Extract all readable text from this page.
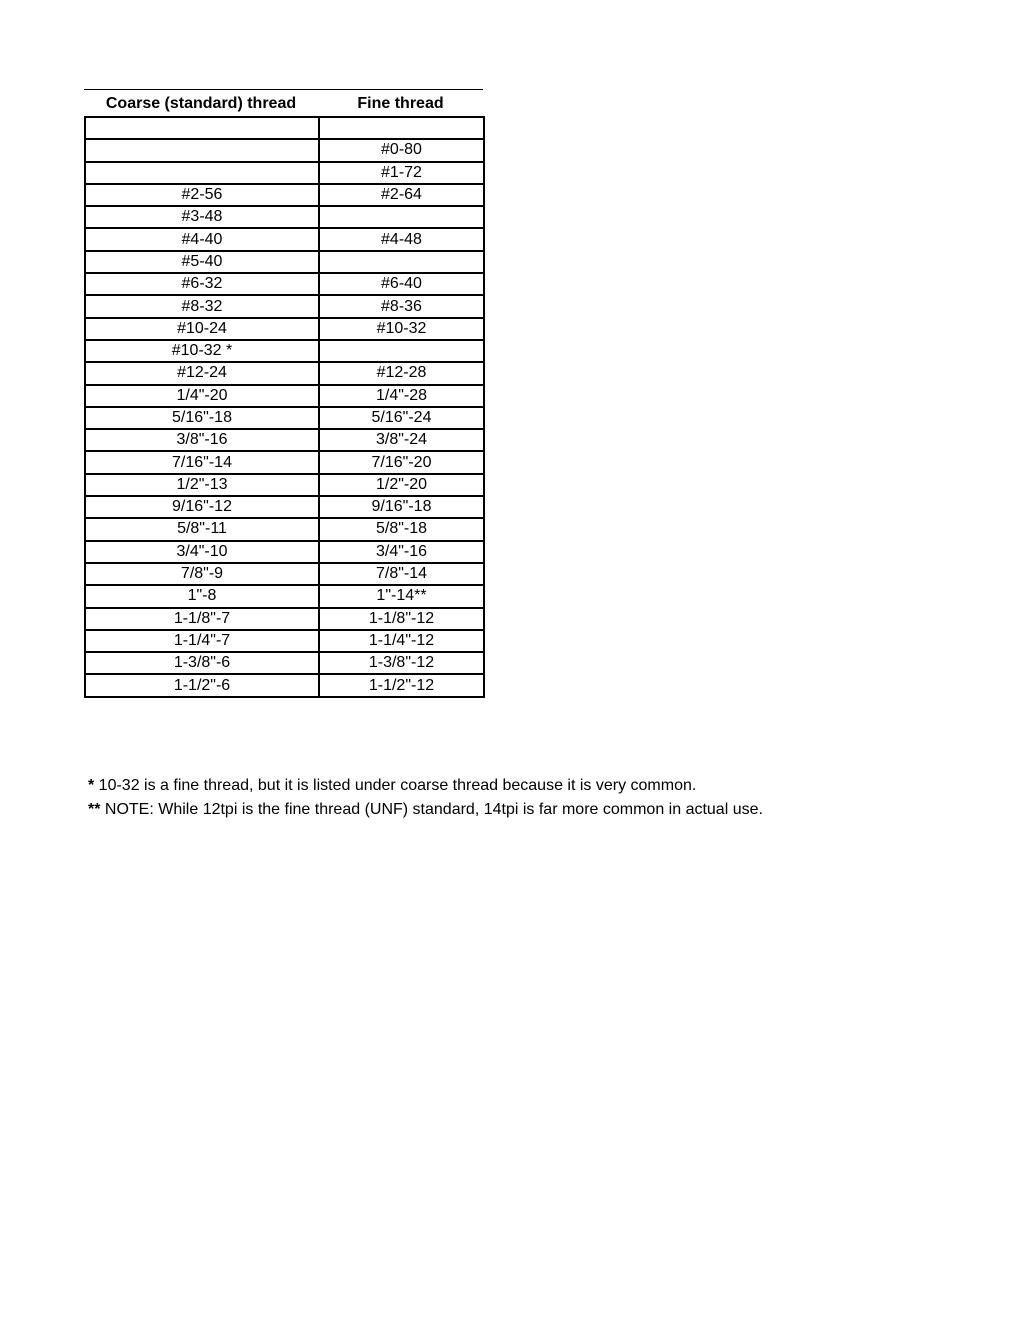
Coarse (standard) thread	Fine thread

	#0-80
	#1-72
#2-56	#2-64
#3-48	
#4-40	#4-48
#5-40	
#6-32	#6-40
#8-32	#8-36
#10-24	#10-32
#10-32 *	
#12-24	#12-28
1/4"-20	1/4"-28
5/16"-18	5/16"-24
3/8"-16	3/8"-24
7/16"-14	7/16"-20
1/2"-13	1/2"-20
9/16"-12	9/16"-18
5/8"-11	5/8"-18
3/4"-10	3/4"-16
7/8"-9	7/8"-14
1"-8	1"-14**
1-1/8"-7	1-1/8"-12
1-1/4"-7	1-1/4"-12
1-3/8"-6	1-3/8"-12
1-1/2"-6	1-1/2"-12
* 10-32 is a fine thread, but it is listed under coarse thread because it is very common.
** NOTE: While 12tpi is the fine thread (UNF) standard, 14tpi is far more common in actual use.
